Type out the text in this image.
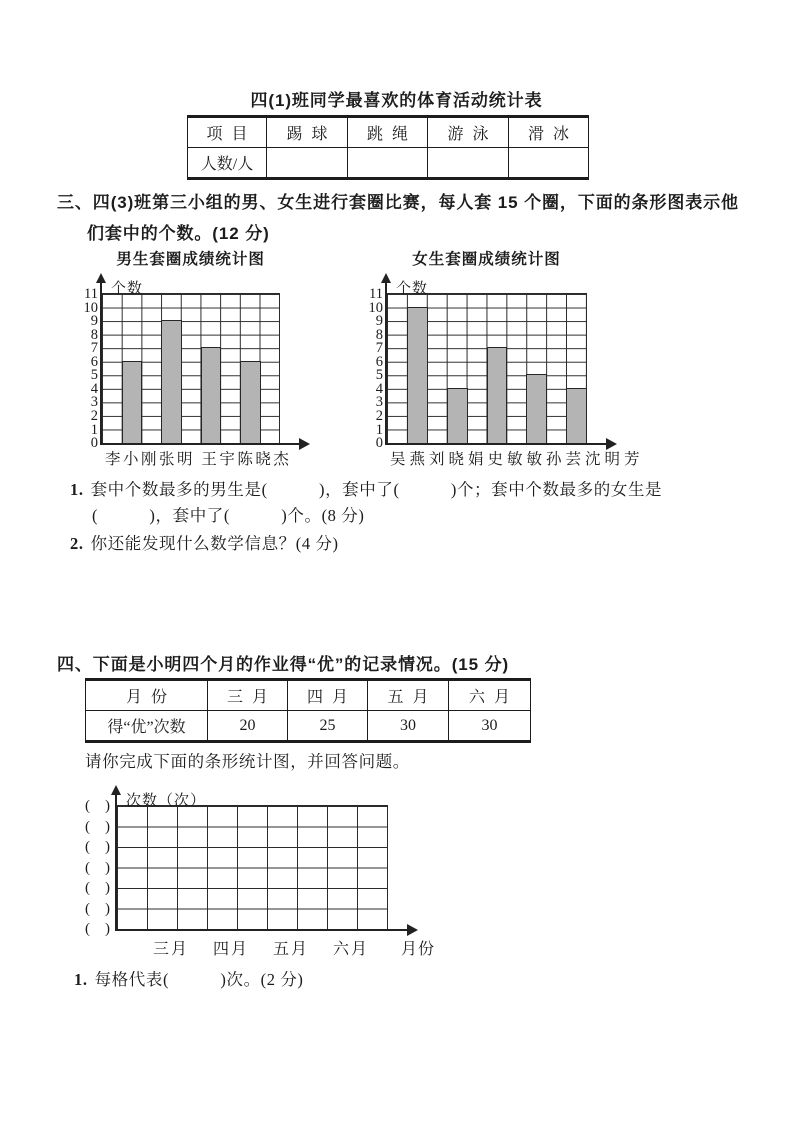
四(1)班同学最喜欢的体育活动统计表
项目	踢球	跳绳	游泳	滑冰
人数/人				
三、四(3)班第三小组的男、女生进行套圈比赛，每人套 15 个圈，下面的条形图表示他
们套中的个数。(12 分)
男生套圈成绩统计图
个数
李小刚张明 王宇陈晓杰
11
10
9
8
7
6
5
4
3
2
1
0
女生套圈成绩统计图
个数
吴燕刘晓娟史敏敏孙芸沈明芳
11
10
9
8
7
6
5
4
3
2
1
0
1. 套中个数最多的男生是(　　　)，套中了(　　　)个；套中个数最多的女生是
(　　　)，套中了(　　　)个。(8 分)
2. 你还能发现什么数学信息？(4 分)
四、下面是小明四个月的作业得“优”的记录情况。(15 分)
月份	三月	四月	五月	六月
得“优”次数	20	25	30	30
请你完成下面的条形统计图，并回答问题。
次数（次）
月份
(　)
(　)
(　)
(　)
(　)
(　)
(　)
三月 四月 五月 六月
1. 每格代表(　　　)次。(2 分)
